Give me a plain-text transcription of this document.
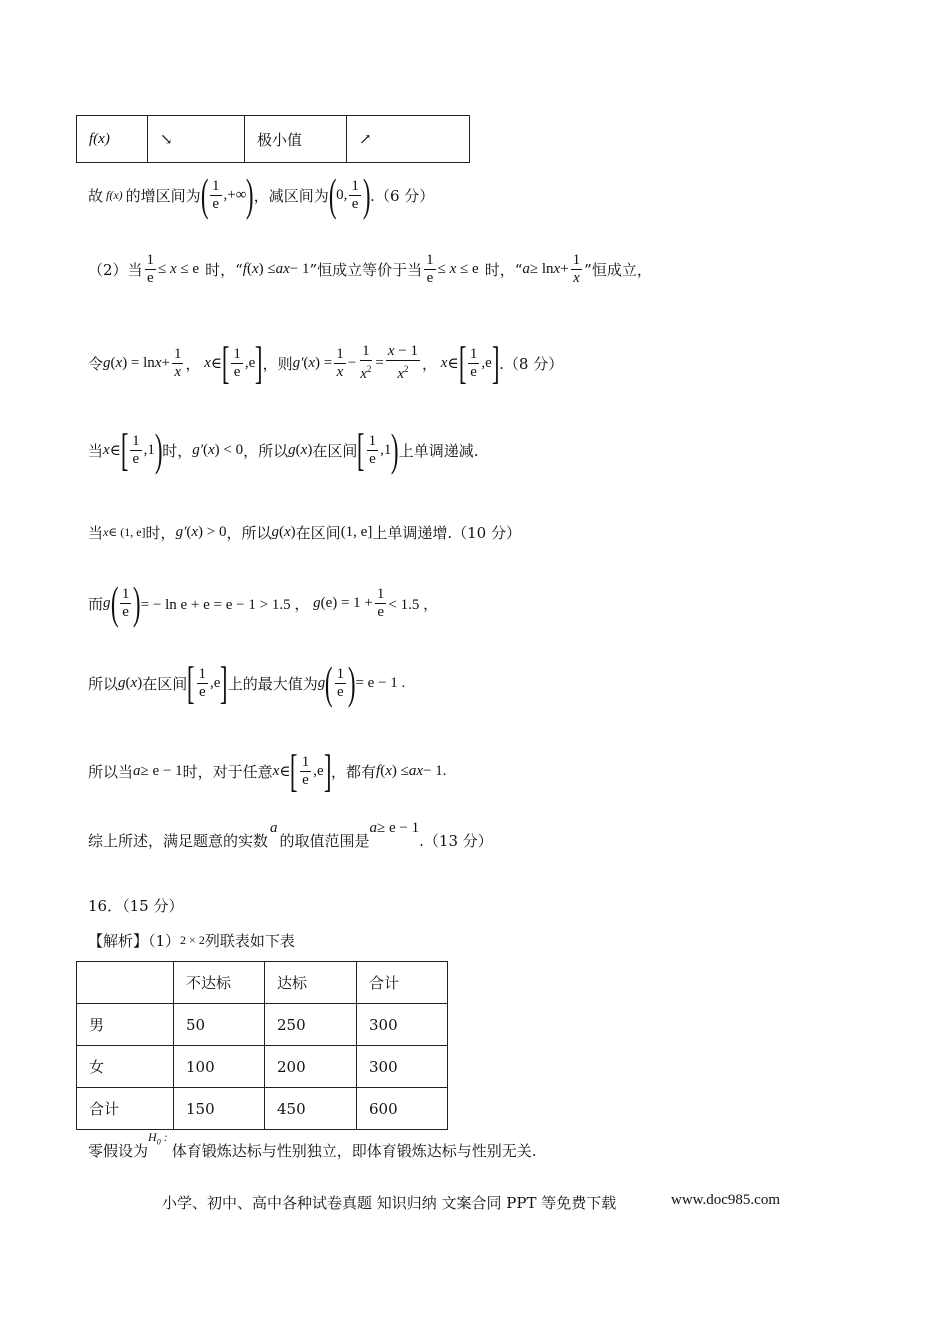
f(x)	↘	极小值	↗
故 f(x) 的增区间为 ( $\frac{1}{e}$ ,+∞ ) ，减区间为 ( 0, $\frac{1}{e}$ ) .（6 分）
（2）当 $\frac{1}{e} \le x \le e$ 时，“ f ( x ) ≤ ax − 1 ”恒成立等价于当 $\frac{1}{e} \le x \le e$ 时，“ $a \ge \ln x + \frac{1}{x}$ ”恒成立，
令 g ( x ) = $\ln x + \frac{1}{x}$ ， x ∈ [ $\frac{1}{e} ,e$ ] ，则 g′ ( x ) = $\frac{1}{x} - \frac{1}{x^2} = \frac{x - 1}{x^2}$ ， x ∈ [ $\frac{1}{e} ,e$ ] .（8 分）
当 x ∈ [ $\frac{1}{e} ,1$ ) 时， g′ ( x ) < 0 ，所以 g ( x ) 在区间 [ $\frac{1}{e} ,1$ ) 上单调递减.
当 x ∈ (1, e] 时， g′ ( x ) > 0 ，所以 g ( x ) 在区间 (1, e] 上单调递增.（10 分）
而 g ( $\frac{1}{e}$ ) = − ln e + e = e − 1 > 1.5 ， g $(e) = 1 + \frac{1}{e} < 1.5$ ，
所以 g ( x ) 在区间 [ $\frac{1}{e} ,e$ ] 上的最大值为 g ( $\frac{1}{e}$ ) = e − 1 .
所以当 a ≥ e − 1 时，对于任意 x ∈ [ $\frac{1}{e} ,e$ ] ，都有 f ( x ) ≤ ax − 1.
综上所述，满足题意的实数
a
的取值范围是
a ≥ e − 1
.（13 分）
16．（15 分）
【解析】（1） 2 × 2 列联表如下表
	不达标	达标	合计
男	50	250	300
女	100	200	300
合计	150	450	600
零假设为
$H_0$ :
体育锻炼达标与性别独立，即体育锻炼达标与性别无关.
小学、初中、高中各种试卷真题 知识归纳 文案合同 PPT 等免费下载	www.doc985.com
